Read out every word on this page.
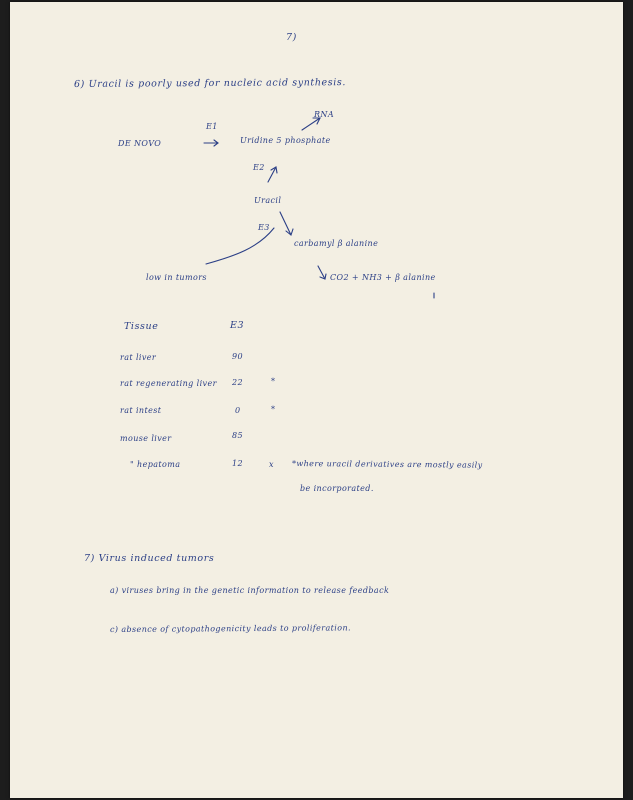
7)
6) Uracil is poorly used for nucleic acid synthesis.
RNA
E1
DE NOVO	Uridine 5 phosphate
E2
Uracil
E3
carbamyl β alanine
low in tumors	CO2 + NH3 + β alanine
Tissue	E3
rat liver	90
rat regenerating liver 22	*
rat intest	0	*
mouse liver	85
" hepatoma	12	x *where uracil derivatives are mostly easily
be incorporated.
7) Virus induced tumors
a) viruses bring in the genetic information to release feedback
c) absence of cytopathogenicity leads to proliferation.
